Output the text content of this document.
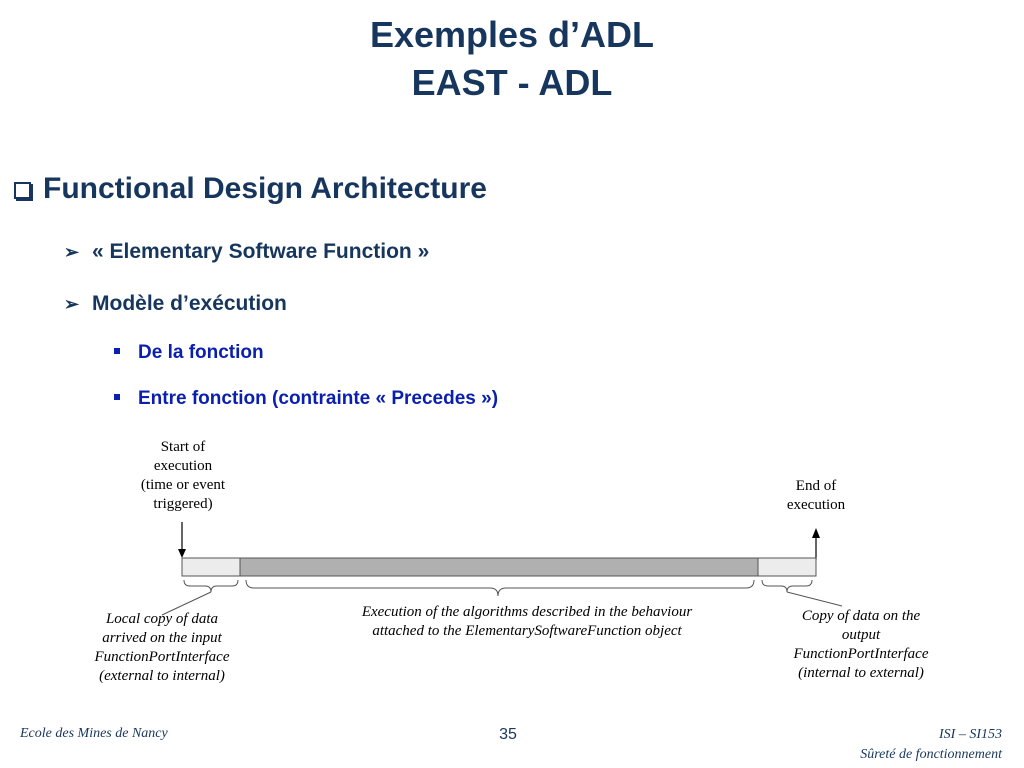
Exemples d’ADL
EAST - ADL
Functional Design Architecture
➢ « Elementary Software Function »
➢ Modèle d’exécution
De la fonction
Entre fonction (contrainte « Precedes »)
Start of
execution
(time or event
triggered)
End of
execution
Local copy of data
arrived on the input
FunctionPortInterface
(external to internal)
Execution of the algorithms described in the behaviour
attached to the ElementarySoftwareFunction object
Copy of data on the
output
FunctionPortInterface
(internal to external)
Ecole des Mines de Nancy	35	ISI – SI153
Sûreté de fonctionnement
